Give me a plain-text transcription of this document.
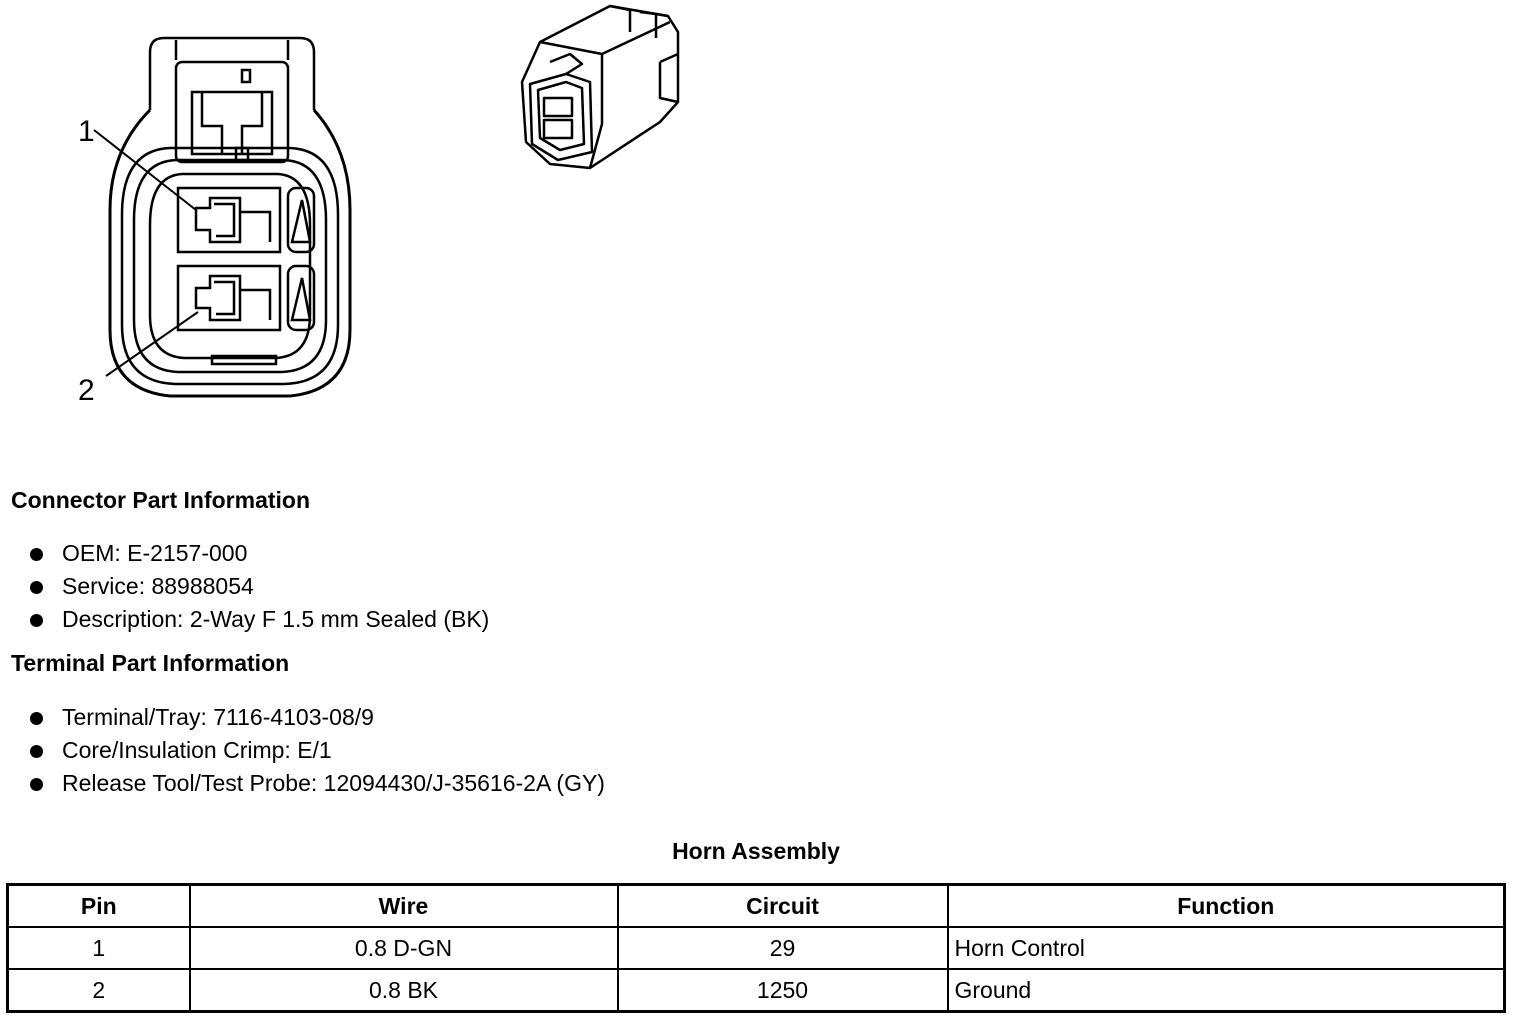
1
2
Connector Part Information
OEM: E-2157-000
Service: 88988054
Description: 2-Way F 1.5 mm Sealed (BK)
Terminal Part Information
Terminal/Tray: 7116-4103-08/9
Core/Insulation Crimp: E/1
Release Tool/Test Probe: 12094430/J-35616-2A (GY)
Horn Assembly
Pin	Wire	Circuit	Function
1	0.8 D-GN	29	Horn Control
2	0.8 BK	1250	Ground
